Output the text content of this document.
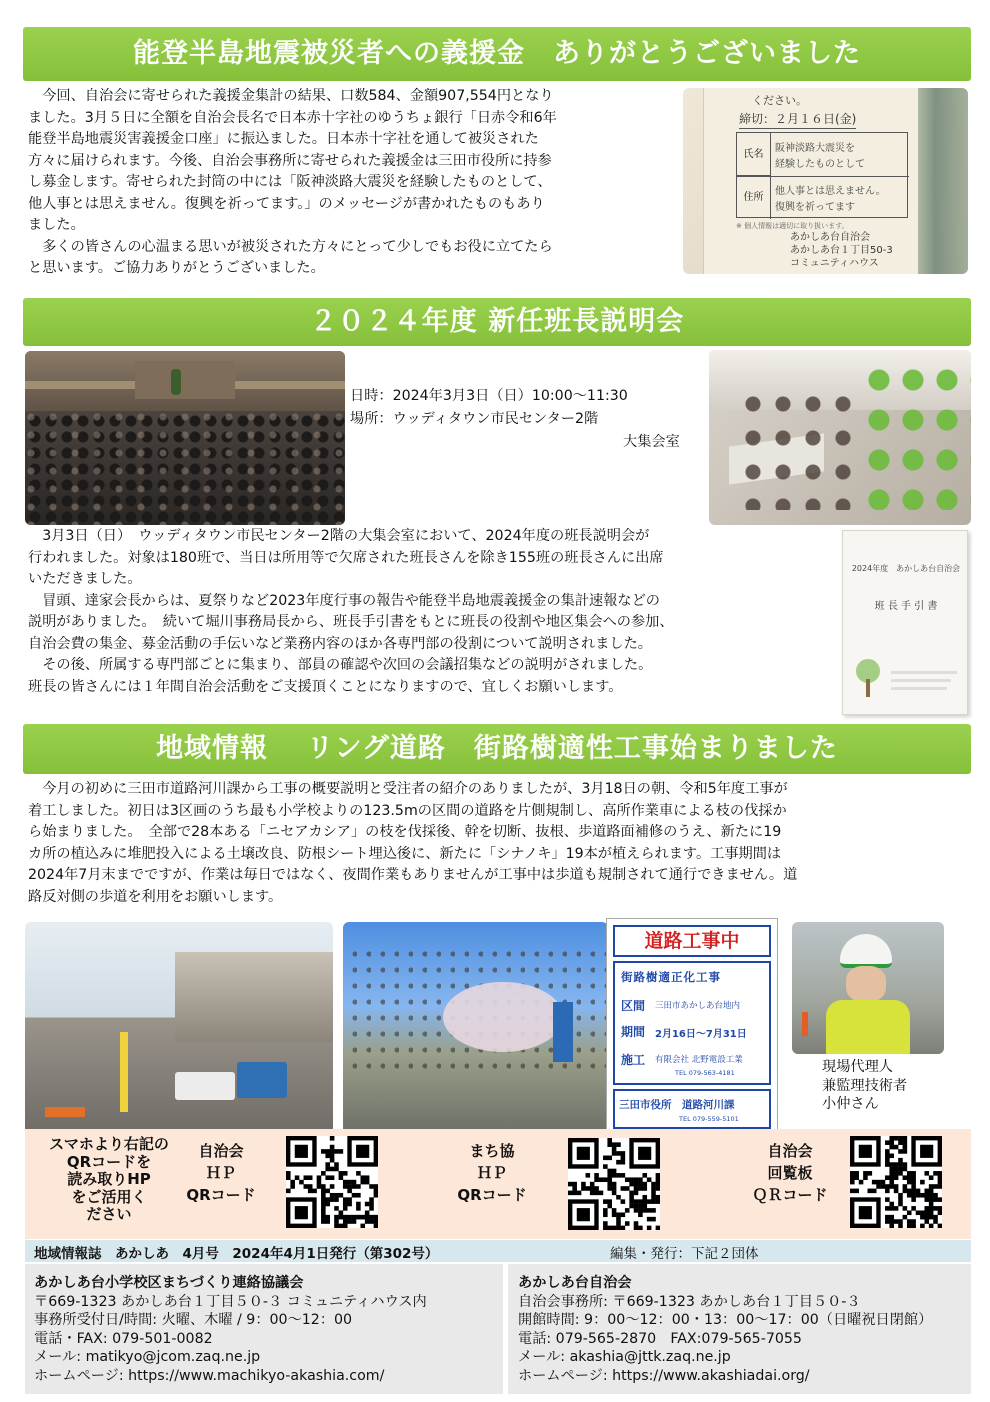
能登半島地震被災者への義援金　ありがとうございました
　今回、自治会に寄せられた義援金集計の結果、口数584、金額907,554円となり
ました。3月５日に全額を自治会長名で日本赤十字社のゆうちょ銀行「日赤令和6年
能登半島地震災害義援金口座」に振込ました。日本赤十字社を通して被災された
方々に届けられます。今後、自治会事務所に寄せられた義援金は三田市役所に持参
し募金します。寄せられた封筒の中には「阪神淡路大震災を経験したものとして、
他人事とは思えません。復興を祈ってます。」のメッセージが書かれたものもあり
ました。
　多くの皆さんの心温まる思いが被災された方々にとって少しでもお役に立てたら
と思います。ご協力ありがとうございました。
ください。
締切：２月１６日(金)
氏名
阪神淡路大震災を
経験したものとして
住所
他人事とは思えません。
復興を祈ってます
※ 個人情報は適切に取り扱います。
あかしあ台自治会
あかしあ台１丁目50-3
コミュニティハウス
２０２４年度 新任班長説明会
日時：2024年3月3日（日）10:00～11:30
場所：ウッディタウン市民センター2階
大集会室
　3月3日（日）　ウッディタウン市民センター2階の大集会室において、2024年度の班長説明会が
行われました。対象は180班で、当日は所用等で欠席された班長さんを除き155班の班長さんに出席
いただきました。
　冒頭、達家会長からは、夏祭りなど2023年度行事の報告や能登半島地震義援金の集計速報などの
説明がありました。　続いて堀川事務局長から、班長手引書をもとに班長の役割や地区集会への参加、
自治会費の集金、募金活動の手伝いなど業務内容のほか各専門部の役割について説明されました。
　その後、所属する専門部ごとに集まり、部員の確認や次回の会議招集などの説明がされました。
班長の皆さんには１年間自治会活動をご支援頂くことになりますので、宜しくお願いします。
2024年度　あかしあ台自治会
班 長 手 引 書
地域情報　 リング道路　街路樹適性工事始まりました
　今月の初めに三田市道路河川課から工事の概要説明と受注者の紹介のありましたが、3月18日の朝、令和5年度工事が
着工しました。初日は3区画のうち最も小学校よりの123.5mの区間の道路を片側規制し、高所作業車による枝の伐採か
ら始まりました。　全部で28本ある「ニセアカシア」の枝を伐採後、幹を切断、抜根、歩道路面補修のうえ、新たに19
カ所の植込みに堆肥投入による土壌改良、防根シート埋込後に、新たに「シナノキ」19本が植えられます。工事期間は
2024年7月末までですが、作業は毎日ではなく、夜間作業もありませんが工事中は歩道も規制されて通行できません。道
路反対側の歩道を利用をお願いします。
道路工事中
街路樹適正化工事
区間 三田市あかしあ台地内
期間 2月16日～7月31日
施工 有限会社 北野電設工業
TEL 079-563-4181
三田市役所　道路河川課
TEL 079-559-5101
現場代理人
兼監理技術者
小仲さん
スマホより右記の
QRコードを
読み取りHP
をご活用く
ださい
自治会
ＨＰ
QRコード
まち協
ＨＰ
QRコード
自治会
回覧板
ＱＲコード
地域情報誌　あかしあ　4月号　2024年4月1日発行（第302号）	編集・発行：下記２団体
あかしあ台小学校区まちづくり連絡協議会
〒669-1323 あかしあ台１丁目５０-３ コミュニティハウス内
事務所受付日/時間: 火曜、木曜 / 9：00～12：00
電話・FAX: 079-501-0082
メール: matikyo@jcom.zaq.ne.jp
ホームページ: https://www.machikyo-akashia.com/
あかしあ台自治会
自治会事務所: 〒669-1323 あかしあ台１丁目５０-３
開館時間: 9：00～12：00・13：00～17：00（日曜祝日閉館）
電話: 079-565-2870　FAX:079-565-7055
メール: akashia@jttk.zaq.ne.jp
ホームページ: https://www.akashiadai.org/
